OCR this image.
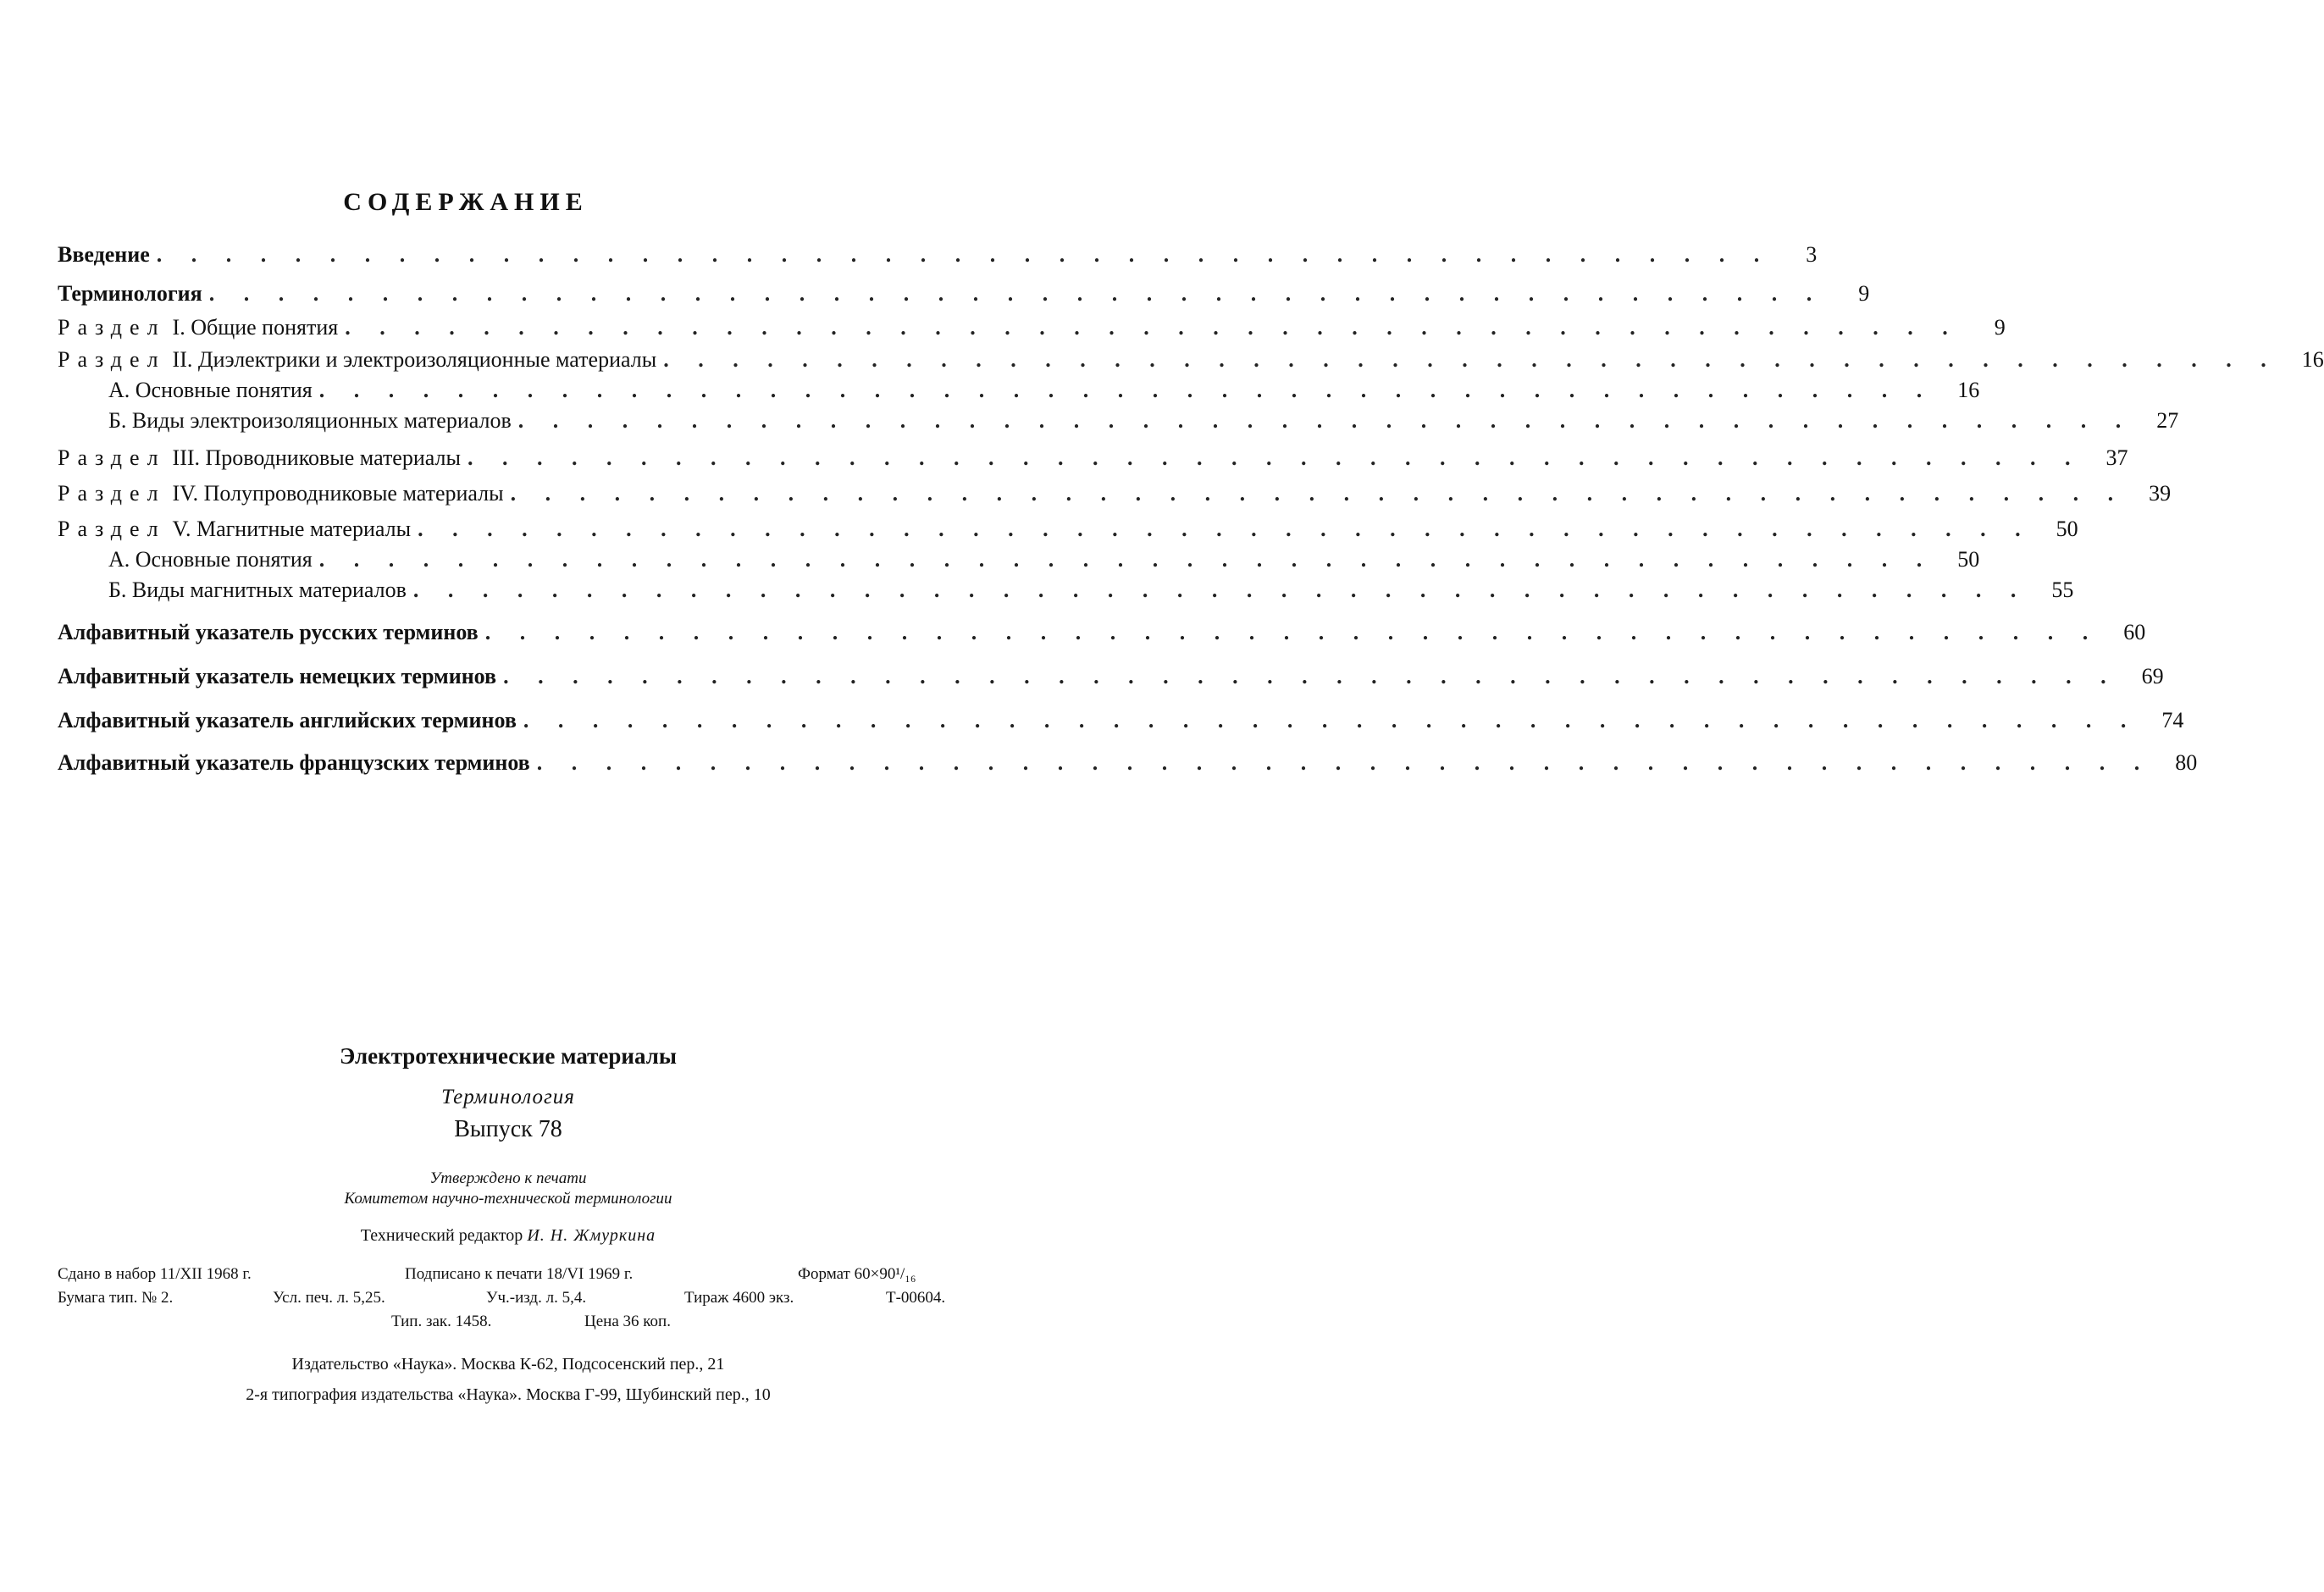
СОДЕРЖАНИЕ
Введение . . . . . . . . . . . . . . . . . . . . . . . . . . . . . . . . . . . . . . . . . . . . . . .	3
Терминология . . . . . . . . . . . . . . . . . . . . . . . . . . . . . . . . . . . . . . . . . . . . . . .	9
Раздел I. Общие понятия . . . . . . . . . . . . . . . . . . . . . . . . . . . . . . . . . . . . . . . . . . . . . . .	9
Раздел II. Диэлектрики и электроизоляционные материалы . . . . . . . . . . . . . . . . . . . . . . . . . . . . . . . . . . . . . . . . . . . . . . .	16
А. Основные понятия . . . . . . . . . . . . . . . . . . . . . . . . . . . . . . . . . . . . . . . . . . . . . . .	16
Б. Виды электроизоляционных материалов . . . . . . . . . . . . . . . . . . . . . . . . . . . . . . . . . . . . . . . . . . . . . . .	27
Раздел III. Проводниковые материалы . . . . . . . . . . . . . . . . . . . . . . . . . . . . . . . . . . . . . . . . . . . . . . .	37
Раздел IV. Полупроводниковые материалы . . . . . . . . . . . . . . . . . . . . . . . . . . . . . . . . . . . . . . . . . . . . . . .	39
Раздел V. Магнитные материалы . . . . . . . . . . . . . . . . . . . . . . . . . . . . . . . . . . . . . . . . . . . . . . .	50
А. Основные понятия . . . . . . . . . . . . . . . . . . . . . . . . . . . . . . . . . . . . . . . . . . . . . . .	50
Б. Виды магнитных материалов . . . . . . . . . . . . . . . . . . . . . . . . . . . . . . . . . . . . . . . . . . . . . . .	55
Алфавитный указатель русских терминов . . . . . . . . . . . . . . . . . . . . . . . . . . . . . . . . . . . . . . . . . . . . . . .	60
Алфавитный указатель немецких терминов . . . . . . . . . . . . . . . . . . . . . . . . . . . . . . . . . . . . . . . . . . . . . . .	69
Алфавитный указатель английских терминов . . . . . . . . . . . . . . . . . . . . . . . . . . . . . . . . . . . . . . . . . . . . . . .	74
Алфавитный указатель французских терминов . . . . . . . . . . . . . . . . . . . . . . . . . . . . . . . . . . . . . . . . . . . . . . .	80
Электротехнические материалы
Терминология
Выпуск 78
Утверждено к печати
Комитетом научно-технической терминологии
Технический редактор И. Н. Жмуркина
Сдано в набор 11/XII 1968 г.	Подписано к печати 18/VI 1969 г.	Формат 60×90¹/₁₆
Бумага тип. № 2.	Усл. печ. л. 5,25.	Уч.-изд. л. 5,4.	Тираж 4600 экз.	Т-00604.
Тип. зак. 1458.	Цена 36 коп.
Издательство «Наука». Москва К-62, Подсосенский пер., 21
2-я типография издательства «Наука». Москва Г-99, Шубинский пер., 10
